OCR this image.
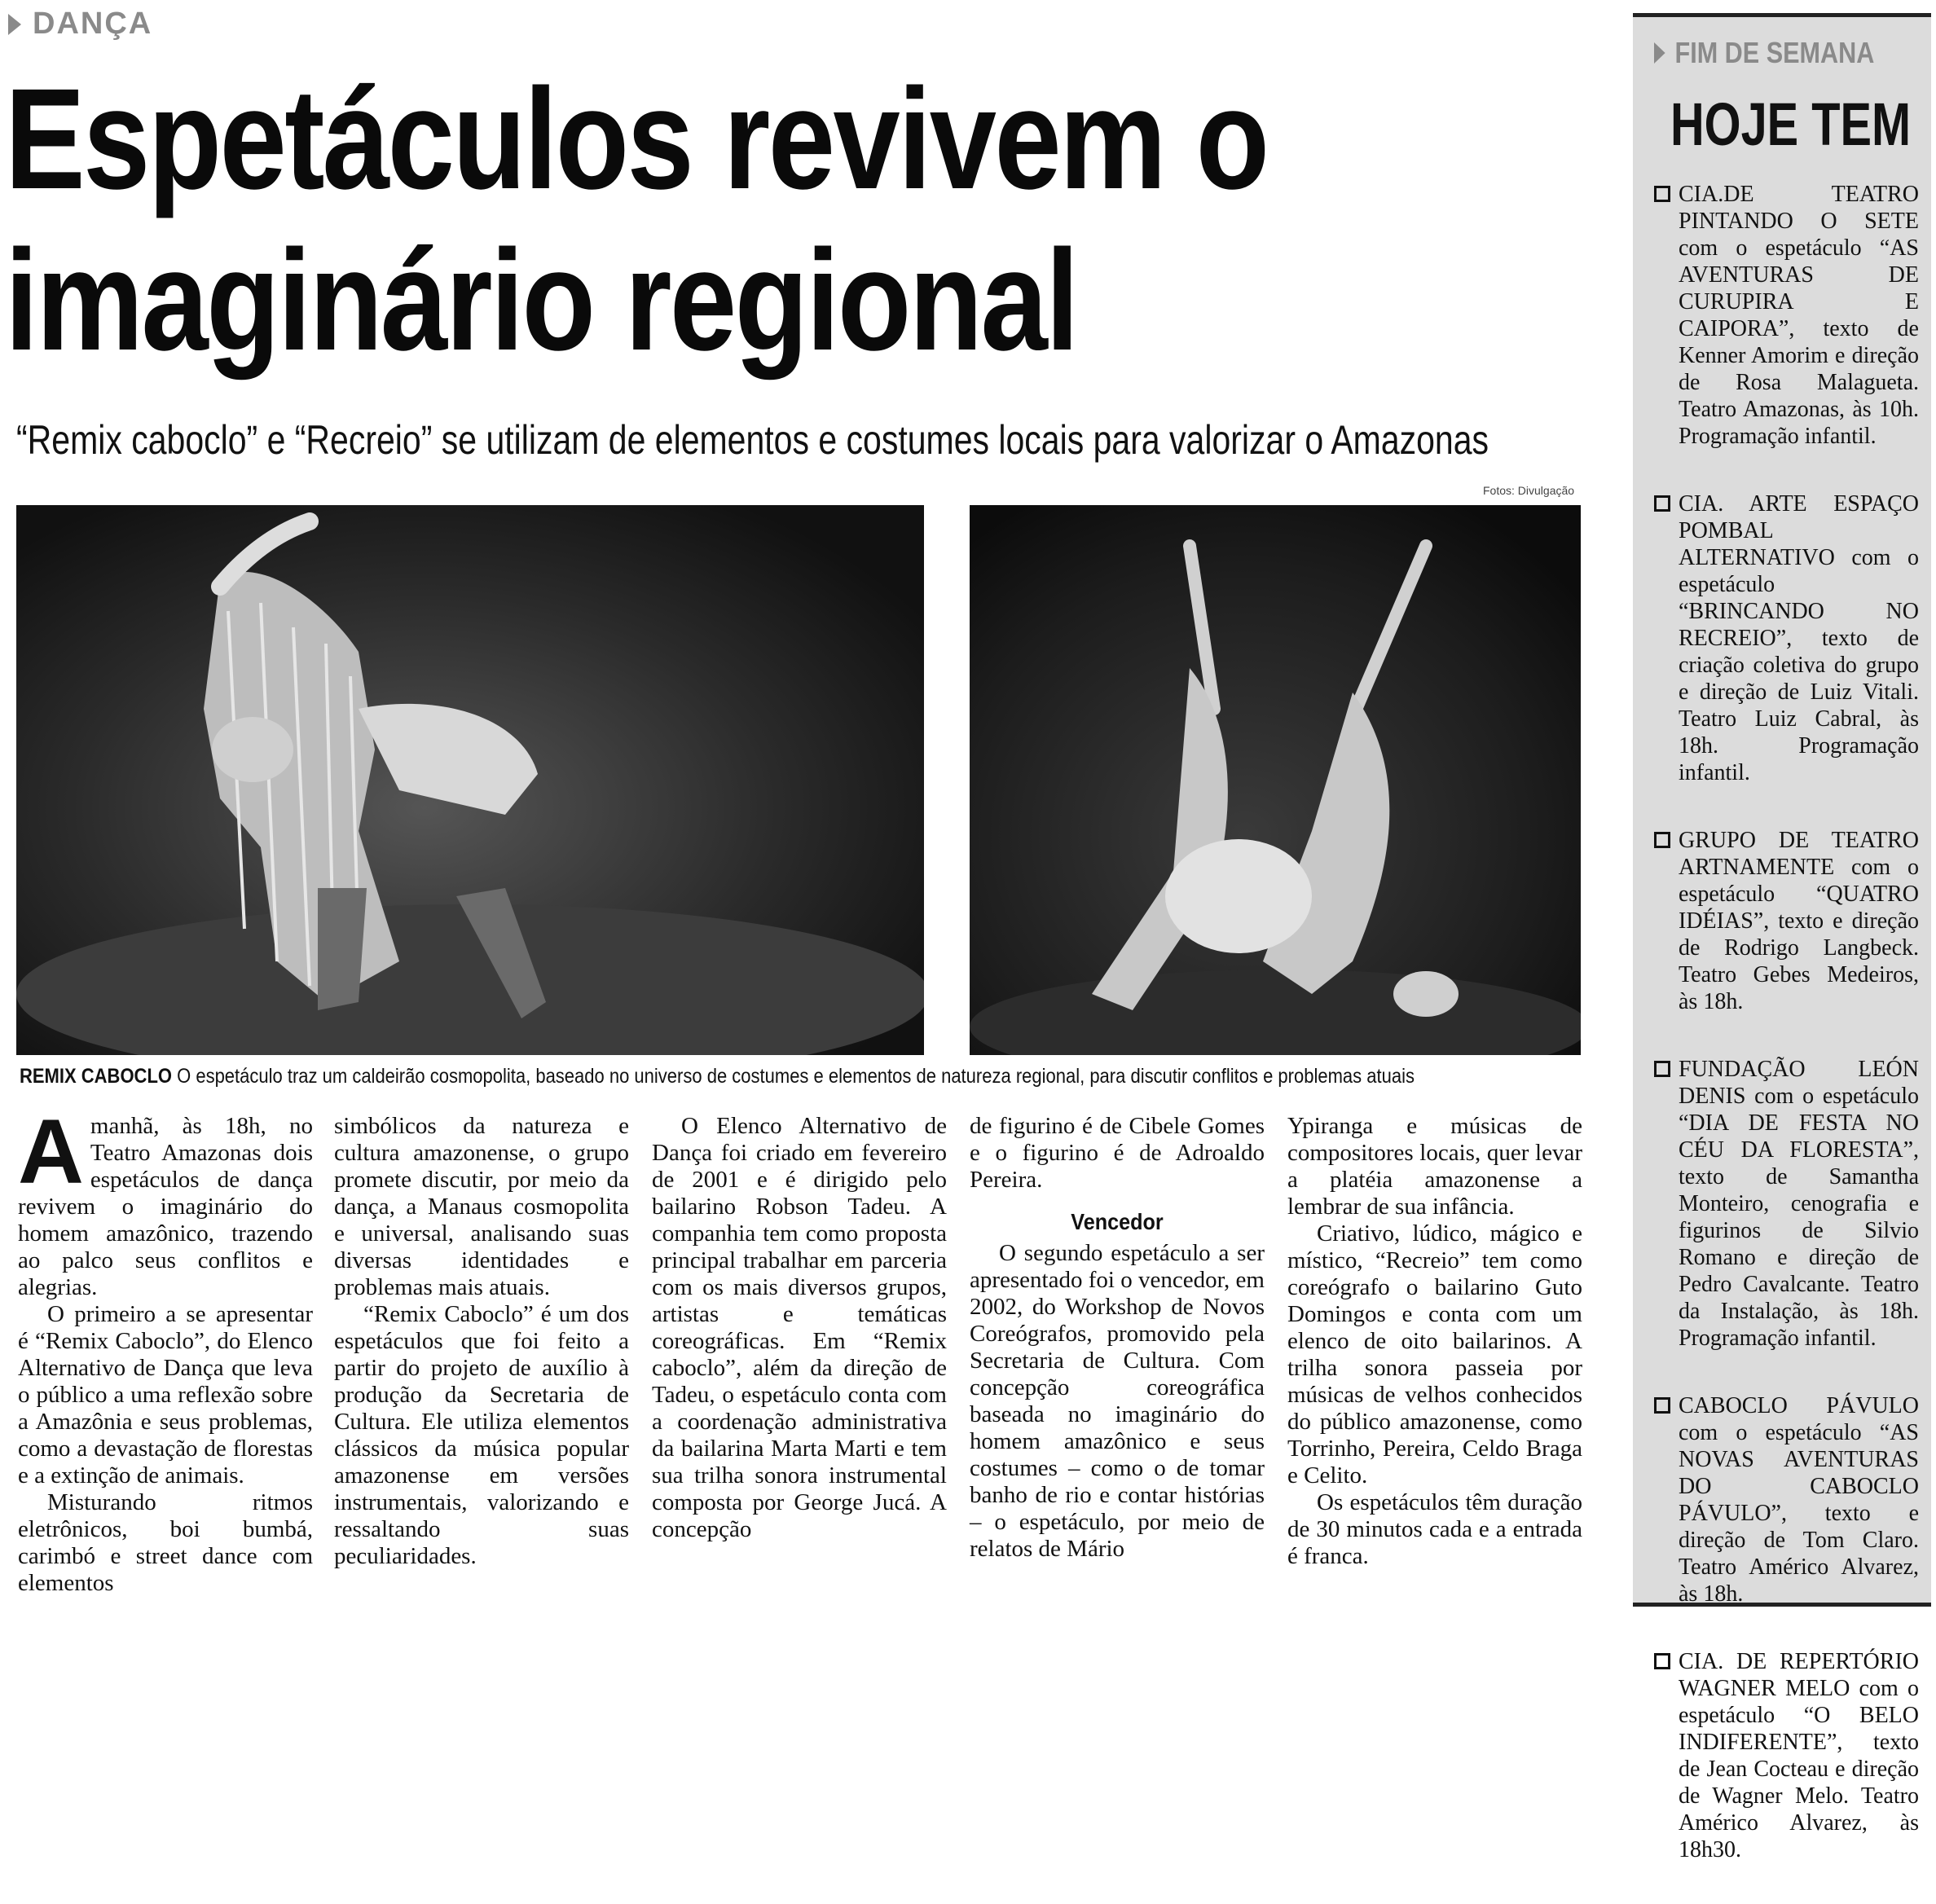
DANÇA
Espetáculos revivem o
imaginário regional
“Remix caboclo” e “Recreio” se utilizam de elementos e costumes locais para valorizar o Amazonas
Fotos: Divulgação
REMIX CABOCLO O espetáculo traz um caldeirão cosmopolita, baseado no universo de costumes e elementos de natureza regional, para discutir conflitos e problemas atuais

Amanhã, às 18h, no Teatro Amazonas dois espetáculos de dança revivem o imaginário do homem amazônico, trazendo ao palco seus conflitos e alegrias.

O primeiro a se apresentar é “Remix Caboclo”, do Elenco Alternativo de Dança que leva o público a uma reflexão sobre a Amazônia e seus problemas, como a devastação de florestas e a extinção de animais.

Misturando ritmos eletrônicos, boi bumbá, carimbó e street dance com elementos

simbólicos da natureza e cultura amazonense, o grupo promete discutir, por meio da dança, a Manaus cosmopolita e universal, analisando suas diversas identidades e problemas mais atuais.

“Remix Caboclo” é um dos espetáculos que foi feito a partir do projeto de auxílio à produção da Secretaria de Cultura. Ele utiliza elementos clássicos da música popular amazonense em versões instrumentais, valorizando e ressaltando suas peculiaridades.

O Elenco Alternativo de Dança foi criado em fevereiro de 2001 e é dirigido pelo bailarino Robson Tadeu. A companhia tem como proposta principal trabalhar em parceria com os mais diversos grupos, artistas e temáticas coreográficas. Em “Remix caboclo”, além da direção de Tadeu, o espetáculo conta com a coordenação administrativa da bailarina Marta Marti e tem sua trilha sonora instrumental composta por George Jucá. A concepção

de figurino é de Cibele Gomes e o figurino é de Adroaldo Pereira.

Vencedor

O segundo espetáculo a ser apresentado foi o vencedor, em 2002, do Workshop de Novos Coreógrafos, promovido pela Secretaria de Cultura. Com concepção coreográfica baseada no imaginário do homem amazônico e seus costumes – como o de tomar banho de rio e contar histórias – o espetáculo, por meio de relatos de Mário

Ypiranga e músicas de compositores locais, quer levar a platéia amazonense a lembrar de sua infância.

Criativo, lúdico, mágico e místico, “Recreio” tem como coreógrafo o bailarino Guto Domingos e conta com um elenco de oito bailarinos. A trilha sonora passeia por músicas de velhos conhecidos do público amazonense, como Torrinho, Pereira, Celdo Braga e Celito.

Os espetáculos têm duração de 30 minutos cada e a entrada é franca.

FIM DE SEMANA
HOJE TEM
CIA.DE TEATRO PINTANDO O SETE com o espetáculo “AS AVENTURAS DE CURUPIRA E CAIPORA”, texto de Kenner Amorim e direção de Rosa Malagueta. Teatro Amazonas, às 10h. Programação infantil.
CIA. ARTE ESPAÇO POMBAL ALTERNATIVO com o espetáculo “BRINCANDO NO RECREIO”, texto de criação coletiva do grupo e direção de Luiz Vitali. Teatro Luiz Cabral, às 18h. Programação infantil.
GRUPO DE TEATRO ARTNAMENTE com o espetáculo “QUATRO IDÉIAS”, texto e direção de Rodrigo Langbeck. Teatro Gebes Medeiros, às 18h.
FUNDAÇÃO LEÓN DENIS com o espetáculo “DIA DE FESTA NO CÉU DA FLORESTA”, texto de Samantha Monteiro, cenografia e figurinos de Silvio Romano e direção de Pedro Cavalcante. Teatro da Instalação, às 18h. Programação infantil.
CABOCLO PÁVULO com o espetáculo “AS NOVAS AVENTURAS DO CABOCLO PÁVULO”, texto e direção de Tom Claro. Teatro Américo Alvarez, às 18h.
CIA. DE REPERTÓRIO WAGNER MELO com o espetáculo “O BELO INDIFERENTE”, texto de Jean Cocteau e direção de Wagner Melo. Teatro Américo Alvarez, às 18h30.
